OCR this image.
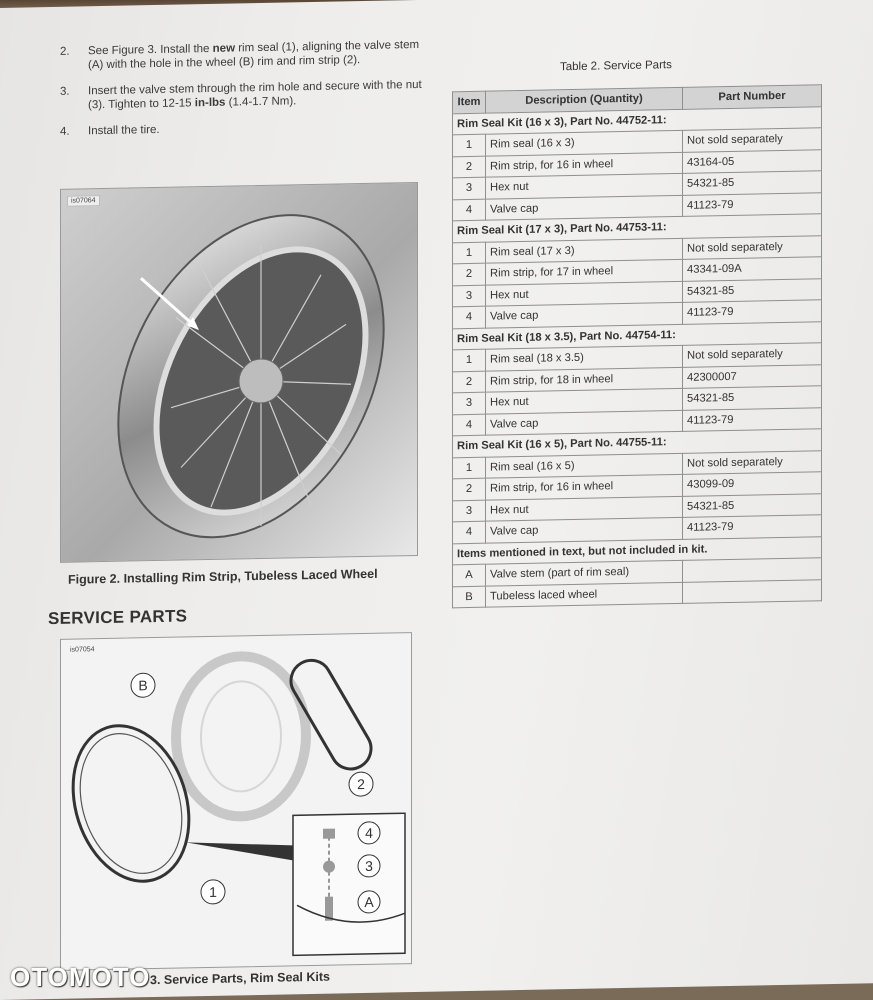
2.	See Figure 3. Install the new rim seal (1), aligning the valve stem (A) with the hole in the wheel (B) rim and rim strip (2).
3.	Insert the valve stem through the rim hole and secure with the nut (3). Tighten to 12-15 in-lbs (1.4-1.7 Nm).
4.	Install the tire.
is07064
Figure 2. Installing Rim Strip, Tubeless Laced Wheel
SERVICE PARTS
is07054
B
2
1
4
3
A
3. Service Parts, Rim Seal Kits
Table 2. Service Parts
Item	Description (Quantity)	Part Number
Rim Seal Kit (16 x 3), Part No. 44752-11:		
1	Rim seal (16 x 3)	Not sold separately
2	Rim strip, for 16 in wheel	43164-05
3	Hex nut	54321-85
4	Valve cap	41123-79
Rim Seal Kit (17 x 3), Part No. 44753-11:		
1	Rim seal (17 x 3)	Not sold separately
2	Rim strip, for 17 in wheel	43341-09A
3	Hex nut	54321-85
4	Valve cap	41123-79
Rim Seal Kit (18 x 3.5), Part No. 44754-11:		
1	Rim seal (18 x 3.5)	Not sold separately
2	Rim strip, for 18 in wheel	42300007
3	Hex nut	54321-85
4	Valve cap	41123-79
Rim Seal Kit (16 x 5), Part No. 44755-11:		
1	Rim seal (16 x 5)	Not sold separately
2	Rim strip, for 16 in wheel	43099-09
3	Hex nut	54321-85
4	Valve cap	41123-79
Items mentioned in text, but not included in kit.		
A	Valve stem (part of rim seal)	
B	Tubeless laced wheel	
OTOMOTO
